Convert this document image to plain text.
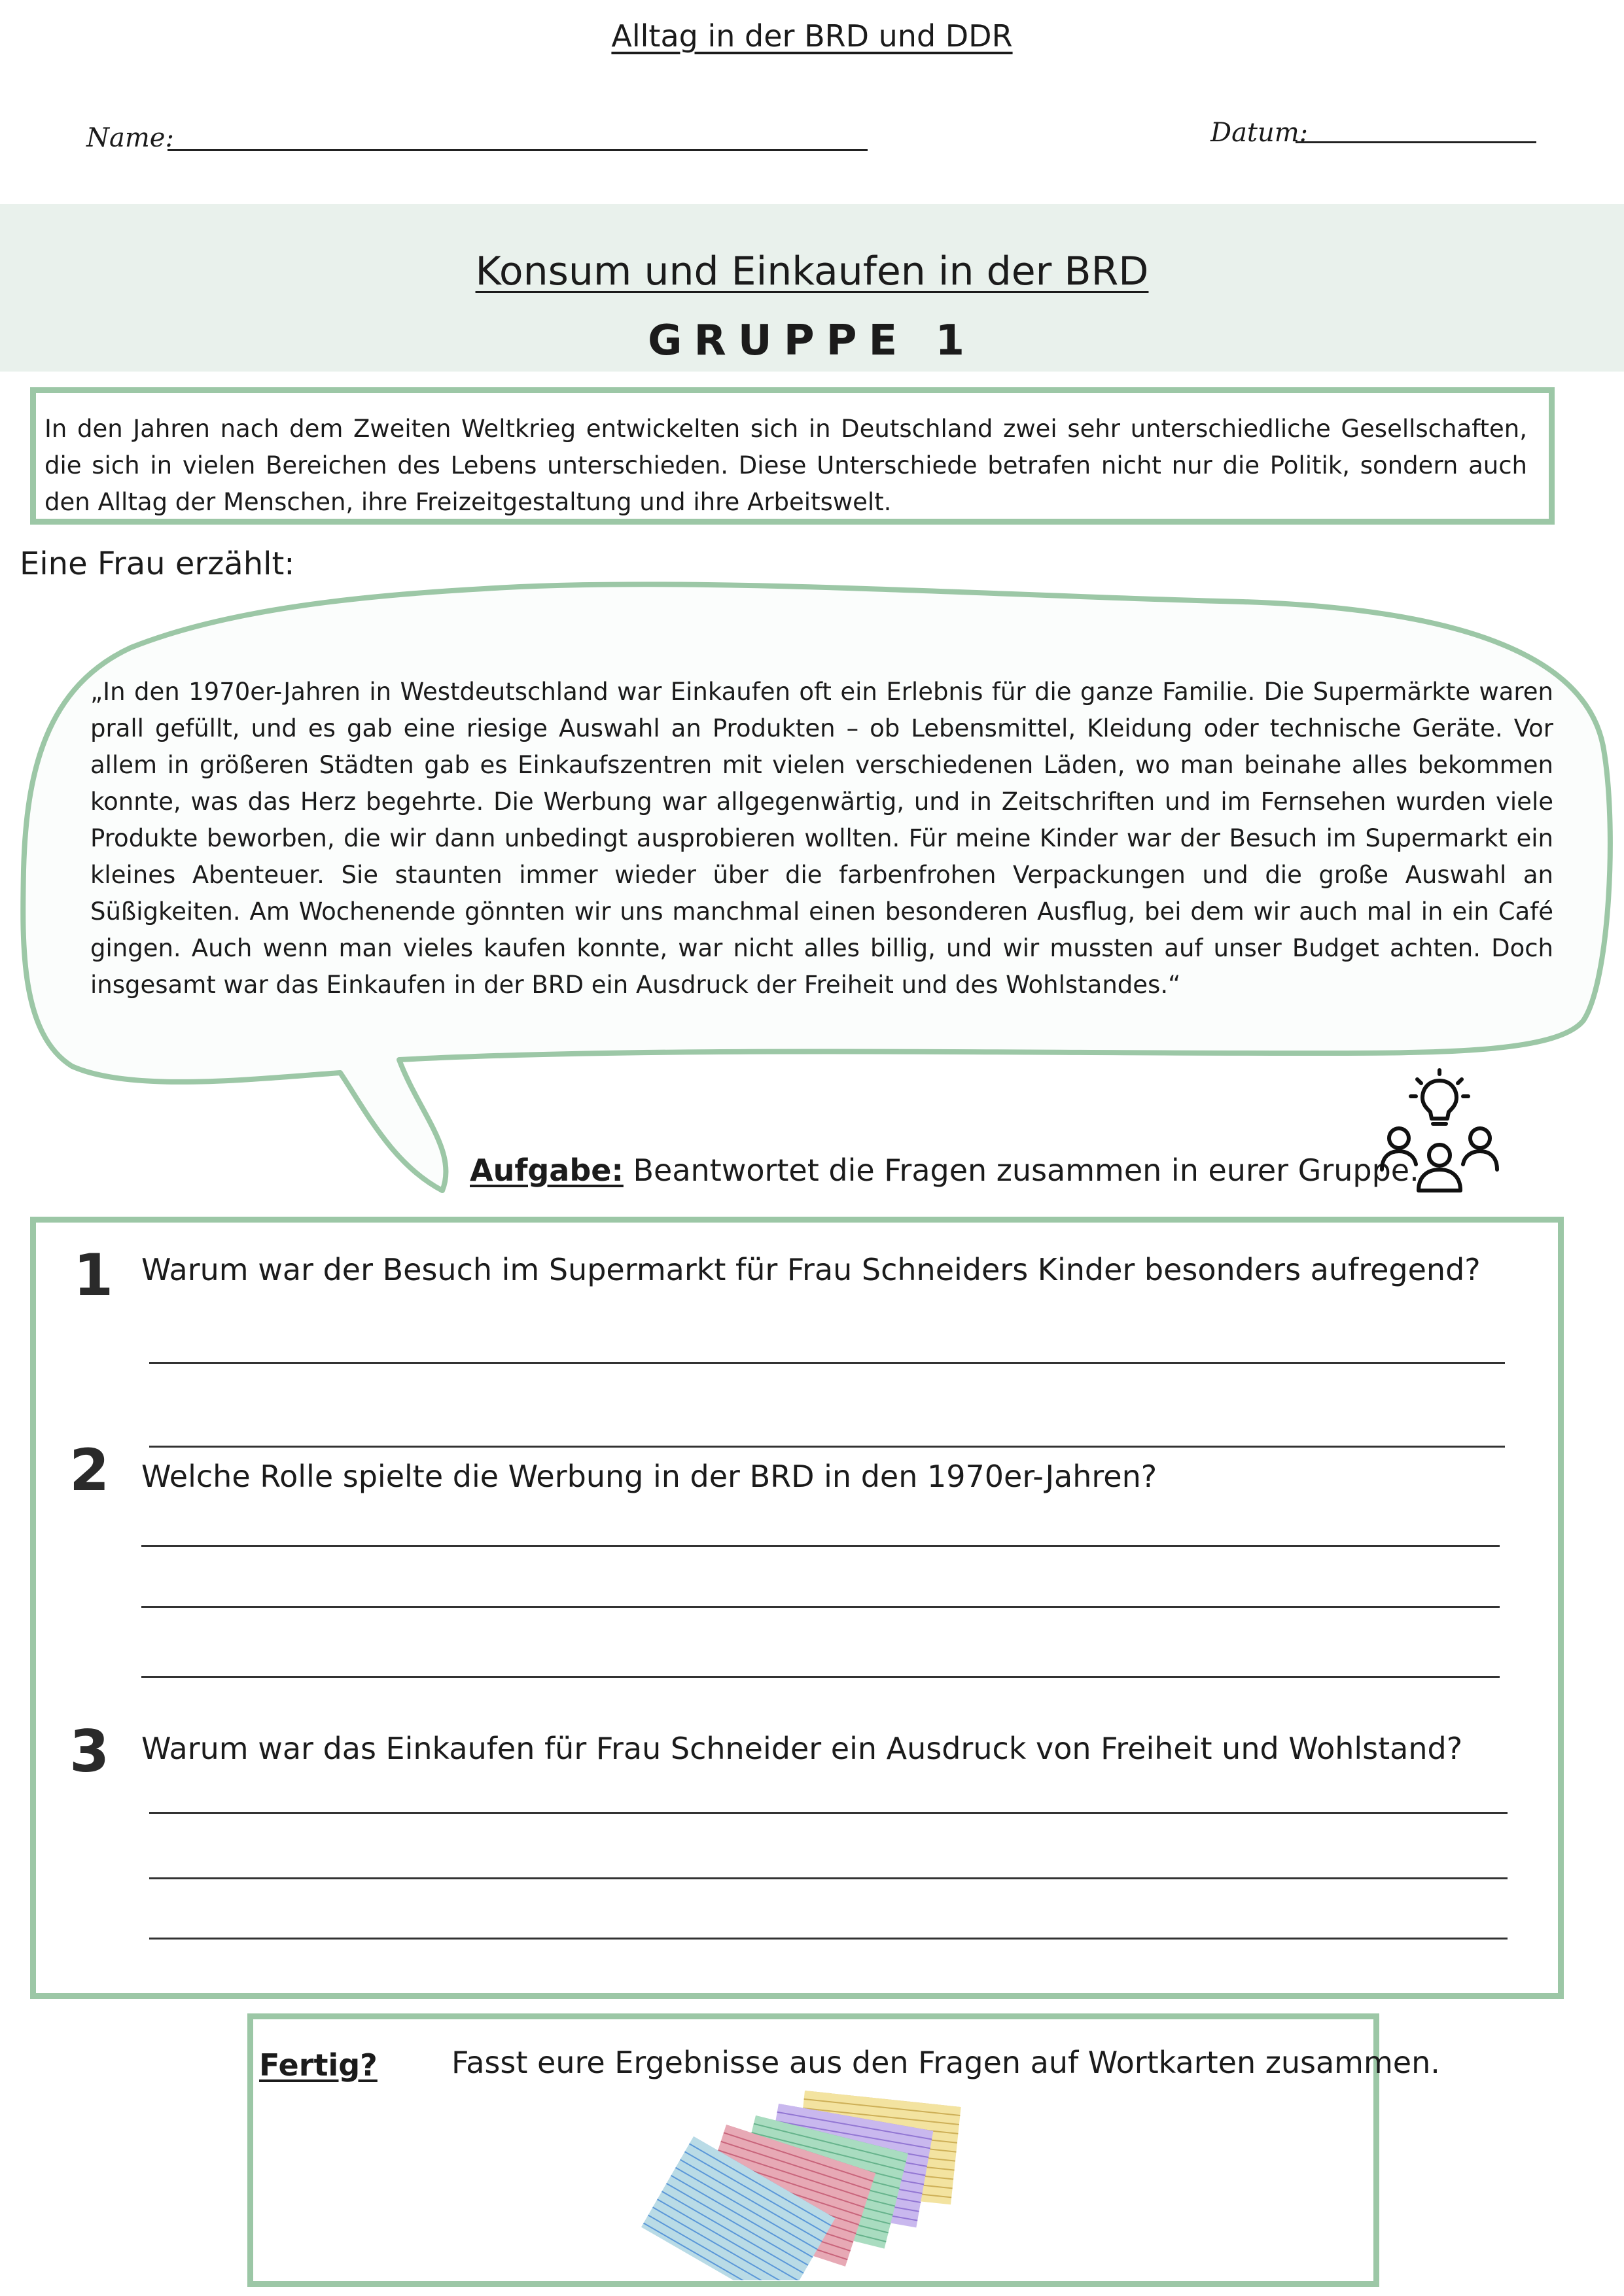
Alltag in der BRD und DDR
Name:	Datum:
Konsum und Einkaufen in der BRD
GRUPPE 1
In den Jahren nach dem Zweiten Weltkrieg entwickelten sich in Deutschland zwei sehr unterschiedliche Gesellschaften, die sich in vielen Bereichen des Lebens unterschieden. Diese Unterschiede betrafen nicht nur die Politik, sondern auch den Alltag der Menschen, ihre Freizeitgestaltung und ihre Arbeitswelt.
Eine Frau erzählt:
„In den 1970er-Jahren in Westdeutschland war Einkaufen oft ein Erlebnis für die ganze Familie. Die Supermärkte waren prall gefüllt, und es gab eine riesige Auswahl an Produkten – ob Lebensmittel, Kleidung oder technische Geräte. Vor allem in größeren Städten gab es Einkaufszentren mit vielen verschiedenen Läden, wo man beinahe alles bekommen konnte, was das Herz begehrte. Die Werbung war allgegenwärtig, und in Zeitschriften und im Fernsehen wurden viele Produkte beworben, die wir dann unbedingt ausprobieren wollten. Für meine Kinder war der Besuch im Supermarkt ein kleines Abenteuer. Sie staunten immer wieder über die farbenfrohen Verpackungen und die große Auswahl an Süßigkeiten. Am Wochenende gönnten wir uns manchmal einen besonderen Ausflug, bei dem wir auch mal in ein Café gingen. Auch wenn man vieles kaufen konnte, war nicht alles billig, und wir mussten auf unser Budget achten. Doch insgesamt war das Einkaufen in der BRD ein Ausdruck der Freiheit und des Wohlstandes.“
Aufgabe: Beantwortet die Fragen zusammen in eurer Gruppe.
1 Warum war der Besuch im Supermarkt für Frau Schneiders Kinder besonders aufregend?
2 Welche Rolle spielte die Werbung in der BRD in den 1970er-Jahren?
3 Warum war das Einkaufen für Frau Schneider ein Ausdruck von Freiheit und Wohlstand?
Fertig? Fasst eure Ergebnisse aus den Fragen auf Wortkarten zusammen.
